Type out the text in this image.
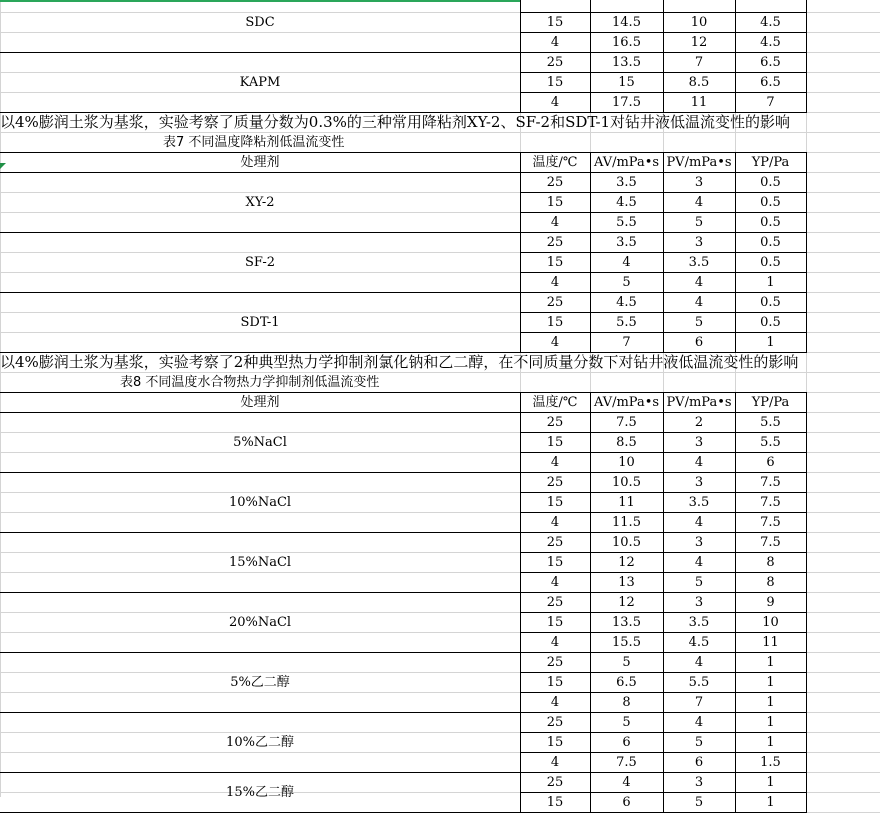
SDC	15	14.5	10	4.5
4	16.5	12	4.5
KAPM
25	13.5	7	6.5
15	15	8.5	6.5
4	17.5	11	7
以4%膨润土浆为基浆，实验考察了质量分数为0.3%的三种常用降粘剂XY-2、SF-2和SDT-1对钻井液低温流变性的影响
表7 不同温度降粘剂低温流变性
处理剂	温度/℃	AV/mPa•s PV/mPa•s	YP/Pa
XY-2
25	3.5	3	0.5
15	4.5	4	0.5
4	5.5	5	0.5
SF-2
25	3.5	3	0.5
15	4	3.5	0.5
4	5	4	1
SDT-1
25	4.5	4	0.5
15	5.5	5	0.5
4	7	6	1
以4%膨润土浆为基浆，实验考察了2种典型热力学抑制剂氯化钠和乙二醇，在不同质量分数下对钻井液低温流变性的影响
表8 不同温度水合物热力学抑制剂低温流变性
处理剂	温度/℃	AV/mPa•s PV/mPa•s	YP/Pa
5%NaCl
25	7.5	2	5.5
15	8.5	3	5.5
4	10	4	6
10%NaCl
25	10.5	3	7.5
15	11	3.5	7.5
4	11.5	4	7.5
15%NaCl
25	10.5	3	7.5
15	12	4	8
4	13	5	8
20%NaCl
25	12	3	9
15	13.5	3.5	10
4	15.5	4.5	11
5%乙二醇
25	5	4	1
15	6.5	5.5	1
4	8	7	1
10%乙二醇
25	5	4	1
15	6	5	1
4	7.5	6	1.5
15%乙二醇
25	4	3	1
15	6	5	1
